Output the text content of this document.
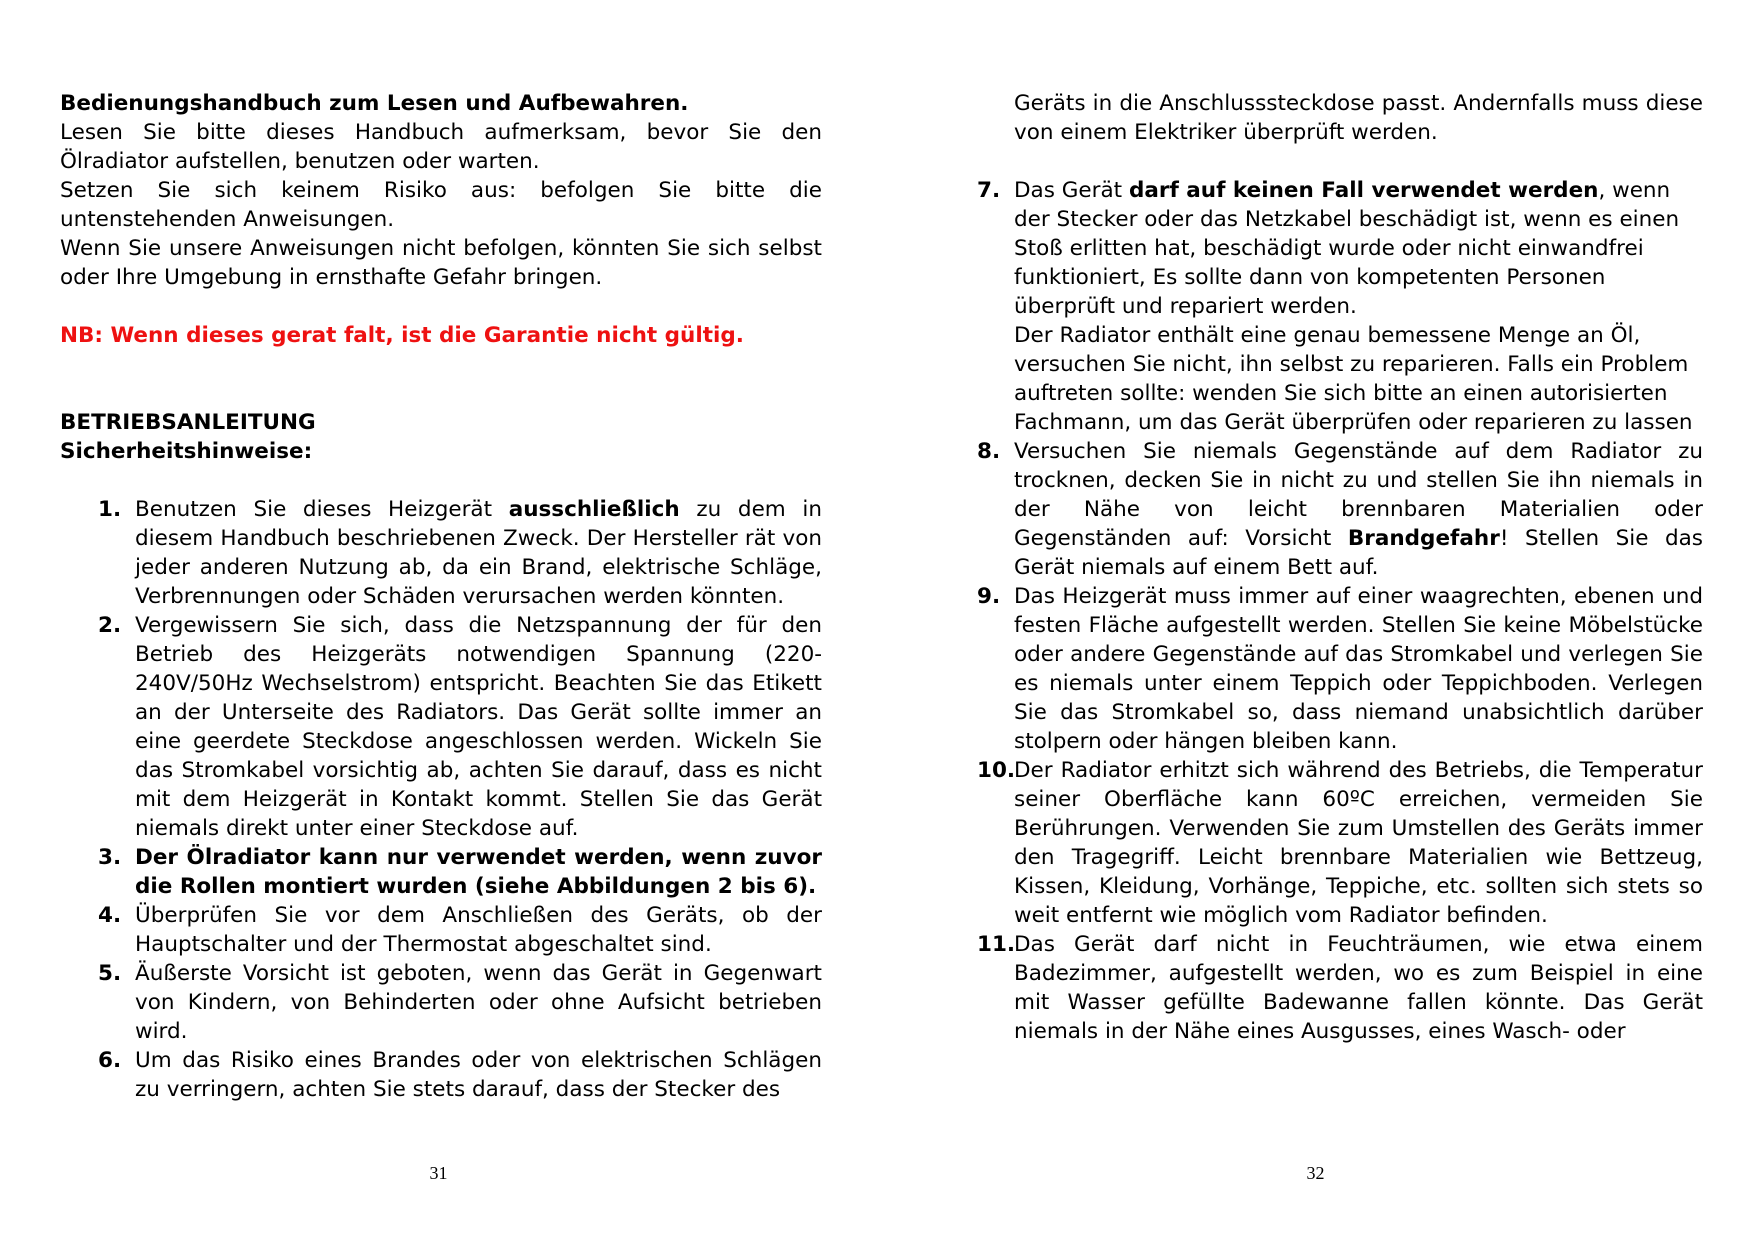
Bedienungshandbuch zum Lesen und Aufbewahren.

Lesen Sie bitte dieses Handbuch aufmerksam, bevor Sie den Ölradiator aufstellen, benutzen oder warten.

Setzen Sie sich keinem Risiko aus: befolgen Sie bitte die untenstehenden Anweisungen.

Wenn Sie unsere Anweisungen nicht befolgen, könnten Sie sich selbst oder Ihre Umgebung in ernsthafte Gefahr bringen.

NB: Wenn dieses gerat falt, ist die Garantie nicht gültig.

BETRIEBSANLEITUNG

Sicherheitshinweise:

1. Benutzen Sie dieses Heizgerät ausschließlich zu dem in diesem Handbuch beschriebenen Zweck. Der Hersteller rät von jeder anderen Nutzung ab, da ein Brand, elektrische Schläge, Verbrennungen oder Schäden verursachen werden könnten.
2. Vergewissern Sie sich, dass die Netzspannung der für den Betrieb des Heizgeräts notwendigen Spannung (220-240V/50Hz Wechselstrom) entspricht. Beachten Sie das Etikett an der Unterseite des Radiators. Das Gerät sollte immer an eine geerdete Steckdose angeschlossen werden. Wickeln Sie das Stromkabel vorsichtig ab, achten Sie darauf, dass es nicht mit dem Heizgerät in Kontakt kommt. Stellen Sie das Gerät niemals direkt unter einer Steckdose auf.
3. Der Ölradiator kann nur verwendet werden, wenn zuvor die Rollen montiert wurden (siehe Abbildungen 2 bis 6).
4. Überprüfen Sie vor dem Anschließen des Geräts, ob der Hauptschalter und der Thermostat abgeschaltet sind.
5. Äußerste Vorsicht ist geboten, wenn das Gerät in Gegenwart von Kindern, von Behinderten oder ohne Aufsicht betrieben wird.
6. Um das Risiko eines Brandes oder von elektrischen Schlägen zu verringern, achten Sie stets darauf, dass der Stecker des
31

Geräts in die Anschlusssteckdose passt. Andernfalls muss diese von einem Elektriker überprüft werden.

7. Das Gerät darf auf keinen Fall verwendet werden, wenn der Stecker oder das Netzkabel beschädigt ist, wenn es einen Stoß erlitten hat, beschädigt wurde oder nicht einwandfrei funktioniert, Es sollte dann von kompetenten Personen überprüft und repariert werden.

Der Radiator enthält eine genau bemessene Menge an Öl, versuchen Sie nicht, ihn selbst zu reparieren. Falls ein Problem auftreten sollte: wenden Sie sich bitte an einen autorisierten Fachmann, um das Gerät überprüfen oder reparieren zu lassen

8. Versuchen Sie niemals Gegenstände auf dem Radiator zu trocknen, decken Sie in nicht zu und stellen Sie ihn niemals in der Nähe von leicht brennbaren Materialien oder Gegenständen auf: Vorsicht Brandgefahr! Stellen Sie das Gerät niemals auf einem Bett auf.
9. Das Heizgerät muss immer auf einer waagrechten, ebenen und festen Fläche aufgestellt werden. Stellen Sie keine Möbelstücke oder andere Gegenstände auf das Stromkabel und verlegen Sie es niemals unter einem Teppich oder Teppichboden. Verlegen Sie das Stromkabel so, dass niemand unabsichtlich darüber stolpern oder hängen bleiben kann.
10.
Der Radiator erhitzt sich während des Betriebs, die Temperatur seiner Oberfläche kann 60ºC erreichen, vermeiden Sie Berührungen. Verwenden Sie zum Umstellen des Geräts immer den Tragegriff. Leicht brennbare Materialien wie Bettzeug, Kissen, Kleidung, Vorhänge, Teppiche, etc. sollten sich stets so weit entfernt wie möglich vom Radiator befinden.
11.
Das Gerät darf nicht in Feuchträumen, wie etwa einem Badezimmer, aufgestellt werden, wo es zum Beispiel in eine mit Wasser gefüllte Badewanne fallen könnte. Das Gerät niemals in der Nähe eines Ausgusses, eines Wasch- oder
32
